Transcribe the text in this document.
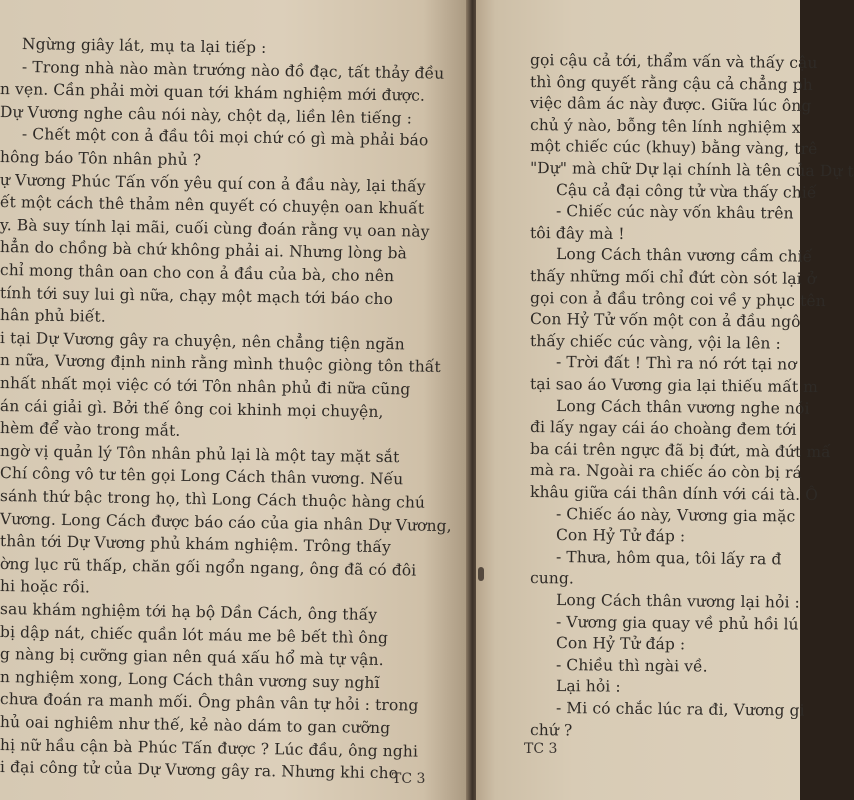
Ngừng giây lát, mụ ta lại tiếp :
- Trong nhà nào màn trướng nào đồ đạc, tất thảy đều
n vẹn. Cần phải mời quan tới khám nghiệm mới được.
Dự Vương nghe câu nói này, chột dạ, liền lên tiếng :
- Chết một con ả đầu tôi mọi chứ có gì mà phải báo
hông báo Tôn nhân phủ ?
ự Vương Phúc Tấn vốn yêu quí con ả đầu này, lại thấy
ết một cách thê thảm nên quyết có chuyện oan khuất
y. Bà suy tính lại mãi, cuối cùng đoán rằng vụ oan này
hẳn do chồng bà chứ không phải ai. Nhưng lòng bà
chỉ mong thân oan cho con ả đầu của bà, cho nên
tính tới suy lui gì nữa, chạy một mạch tới báo cho
hân phủ biết.
i tại Dự Vương gây ra chuyện, nên chẳng tiện ngăn
n nữa, Vương định ninh rằng mình thuộc giòng tôn thất
nhất nhất mọi việc có tới Tôn nhân phủ đi nữa cũng
án cái giải gì. Bởi thế ông coi khinh mọi chuyện,
hèm để vào trong mắt.
ngờ vị quản lý Tôn nhân phủ lại là một tay mặt sắt
Chí công vô tư tên gọi Long Cách thân vương. Nếu
sánh thứ bậc trong họ, thì Long Cách thuộc hàng chú
Vương. Long Cách được báo cáo của gia nhân Dự Vương,
thân tới Dự Vương phủ khám nghiệm. Trông thấy
ờng lục rũ thấp, chăn gối ngổn ngang, ông đã có đôi
hi hoặc rồi.
sau khám nghiệm tới hạ bộ Dần Cách, ông thấy
bị dập nát, chiếc quần lót máu me bê bết thì ông
g nàng bị cưỡng gian nên quá xấu hổ mà tự vận.
n nghiệm xong, Long Cách thân vương suy nghĩ
chưa đoán ra manh mối. Ông phân vân tự hỏi : trong
hủ oai nghiêm như thế, kẻ nào dám to gan cưỡng
hị nữ hầu cận bà Phúc Tấn được ? Lúc đầu, ông nghi
i đại công tử của Dự Vương gây ra. Nhưng khi cho
TC 3
gọi cậu cả tới, thẩm vấn và thấy cậu
thì ông quyết rằng cậu cả chẳng ph
việc dâm ác này được. Giữa lúc ông
chủ ý nào, bỗng tên lính nghiệm x
một chiếc cúc (khuy) bằng vàng, trê
"Dự" mà chữ Dự lại chính là tên của Dự t
Cậu cả đại công tử vừa thấy chiế
- Chiếc cúc này vốn khâu trên
tôi đây mà !
Long Cách thân vương cầm chiế
thấy những mối chỉ đứt còn sót lại ở
gọi con ả đầu trông coi về y phục tên
Con Hỷ Tử vốn một con ả đầu ngô
thấy chiếc cúc vàng, vội la lên :
- Trời đất ! Thì ra nó rớt tại nơ
tại sao áo Vương gia lại thiếu mất m
Long Cách thân vương nghe nói
đi lấy ngay cái áo choàng đem tới
ba cái trên ngực đã bị đứt, mà đứt mấ
mà ra. Ngoài ra chiếc áo còn bị rá
khâu giữa cái thân dính với cái tà. Ô
- Chiếc áo này, Vương gia mặc
Con Hỷ Tử đáp :
- Thưa, hôm qua, tôi lấy ra đ
cung.
Long Cách thân vương lại hỏi :
- Vương gia quay về phủ hồi lú
Con Hỷ Tử đáp :
- Chiều thì ngài về.
Lại hỏi :
- Mi có chắc lúc ra đi, Vương gi
chứ ?
TC 3
